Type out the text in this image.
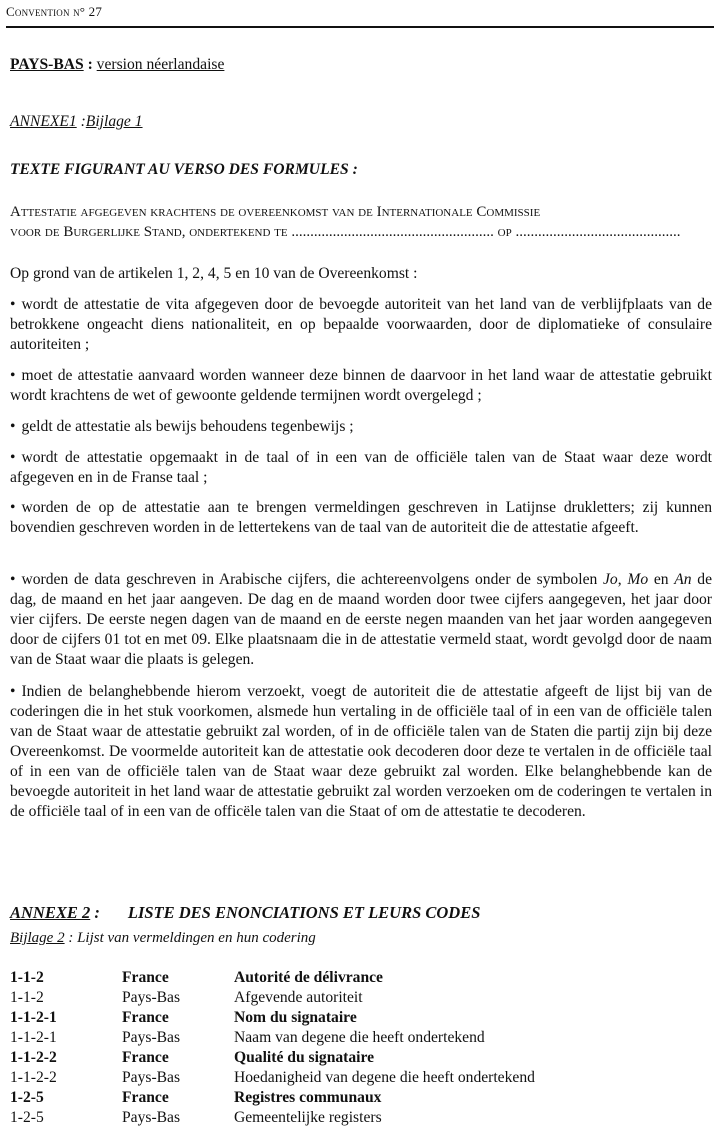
Convention n° 27
PAYS-BAS : version néerlandaise
ANNEXE1 :Bijlage 1
TEXTE FIGURANT AU VERSO DES FORMULES :
Attestatie afgegeven krachtens de overeenkomst van de Internationale Commissie
voor de Burgerlijke Stand, ondertekend te ...................................................... op ............................................
Op grond van de artikelen 1, 2, 4, 5 en 10 van de Overeenkomst :
• wordt de attestatie de vita afgegeven door de bevoegde autoriteit van het land van de verblijfplaats van de betrokkene ongeacht diens nationaliteit, en op bepaalde voorwaarden, door de diplomatieke of consulaire autoriteiten ;
• moet de attestatie aanvaard worden wanneer deze binnen de daarvoor in het land waar de attestatie gebruikt wordt krachtens de wet of gewoonte geldende termijnen wordt overgelegd ;
• geldt de attestatie als bewijs behoudens tegenbewijs ;
• wordt de attestatie opgemaakt in de taal of in een van de officiële talen van de Staat waar deze wordt afgegeven en in de Franse taal ;
• worden de op de attestatie aan te brengen vermeldingen geschreven in Latijnse drukletters; zij kunnen bovendien geschreven worden in de lettertekens van de taal van de autoriteit die de attestatie afgeeft.
• worden de data geschreven in Arabische cijfers, die achtereenvolgens onder de symbolen Jo, Mo en An de dag, de maand en het jaar aangeven. De dag en de maand worden door twee cijfers aangegeven, het jaar door vier cijfers. De eerste negen dagen van de maand en de eerste negen maanden van het jaar worden aangegeven door de cijfers 01 tot en met 09. Elke plaatsnaam die in de attestatie vermeld staat, wordt gevolgd door de naam van de Staat waar die plaats is gelegen.
• Indien de belanghebbende hierom verzoekt, voegt de autoriteit die de attestatie afgeeft de lijst bij van de coderingen die in het stuk voorkomen, alsmede hun vertaling in de officiële taal of in een van de officiële talen van de Staat waar de attestatie gebruikt zal worden, of in de officiële talen van de Staten die partij zijn bij deze Overeenkomst. De voormelde autoriteit kan de attestatie ook decoderen door deze te vertalen in de officiële taal of in een van de officiële talen van de Staat waar deze gebruikt zal worden. Elke belanghebbende kan de bevoegde autoriteit in het land waar de attestatie gebruikt zal worden verzoeken om de coderingen te vertalen in de officiële taal of in een van de officële talen van die Staat of om de attestatie te decoderen.
ANNEXE 2 : LISTE DES ENONCIATIONS ET LEURS CODES
Bijlage 2 : Lijst van vermeldingen en hun codering
1-1-2	France	Autorité de délivrance
1-1-2	Pays-Bas	Afgevende autoriteit
1-1-2-1	France	Nom du signataire
1-1-2-1	Pays-Bas	Naam van degene die heeft ondertekend
1-1-2-2	France	Qualité du signataire
1-1-2-2	Pays-Bas	Hoedanigheid van degene die heeft ondertekend
1-2-5	France	Registres communaux
1-2-5	Pays-Bas	Gemeentelijke registers
